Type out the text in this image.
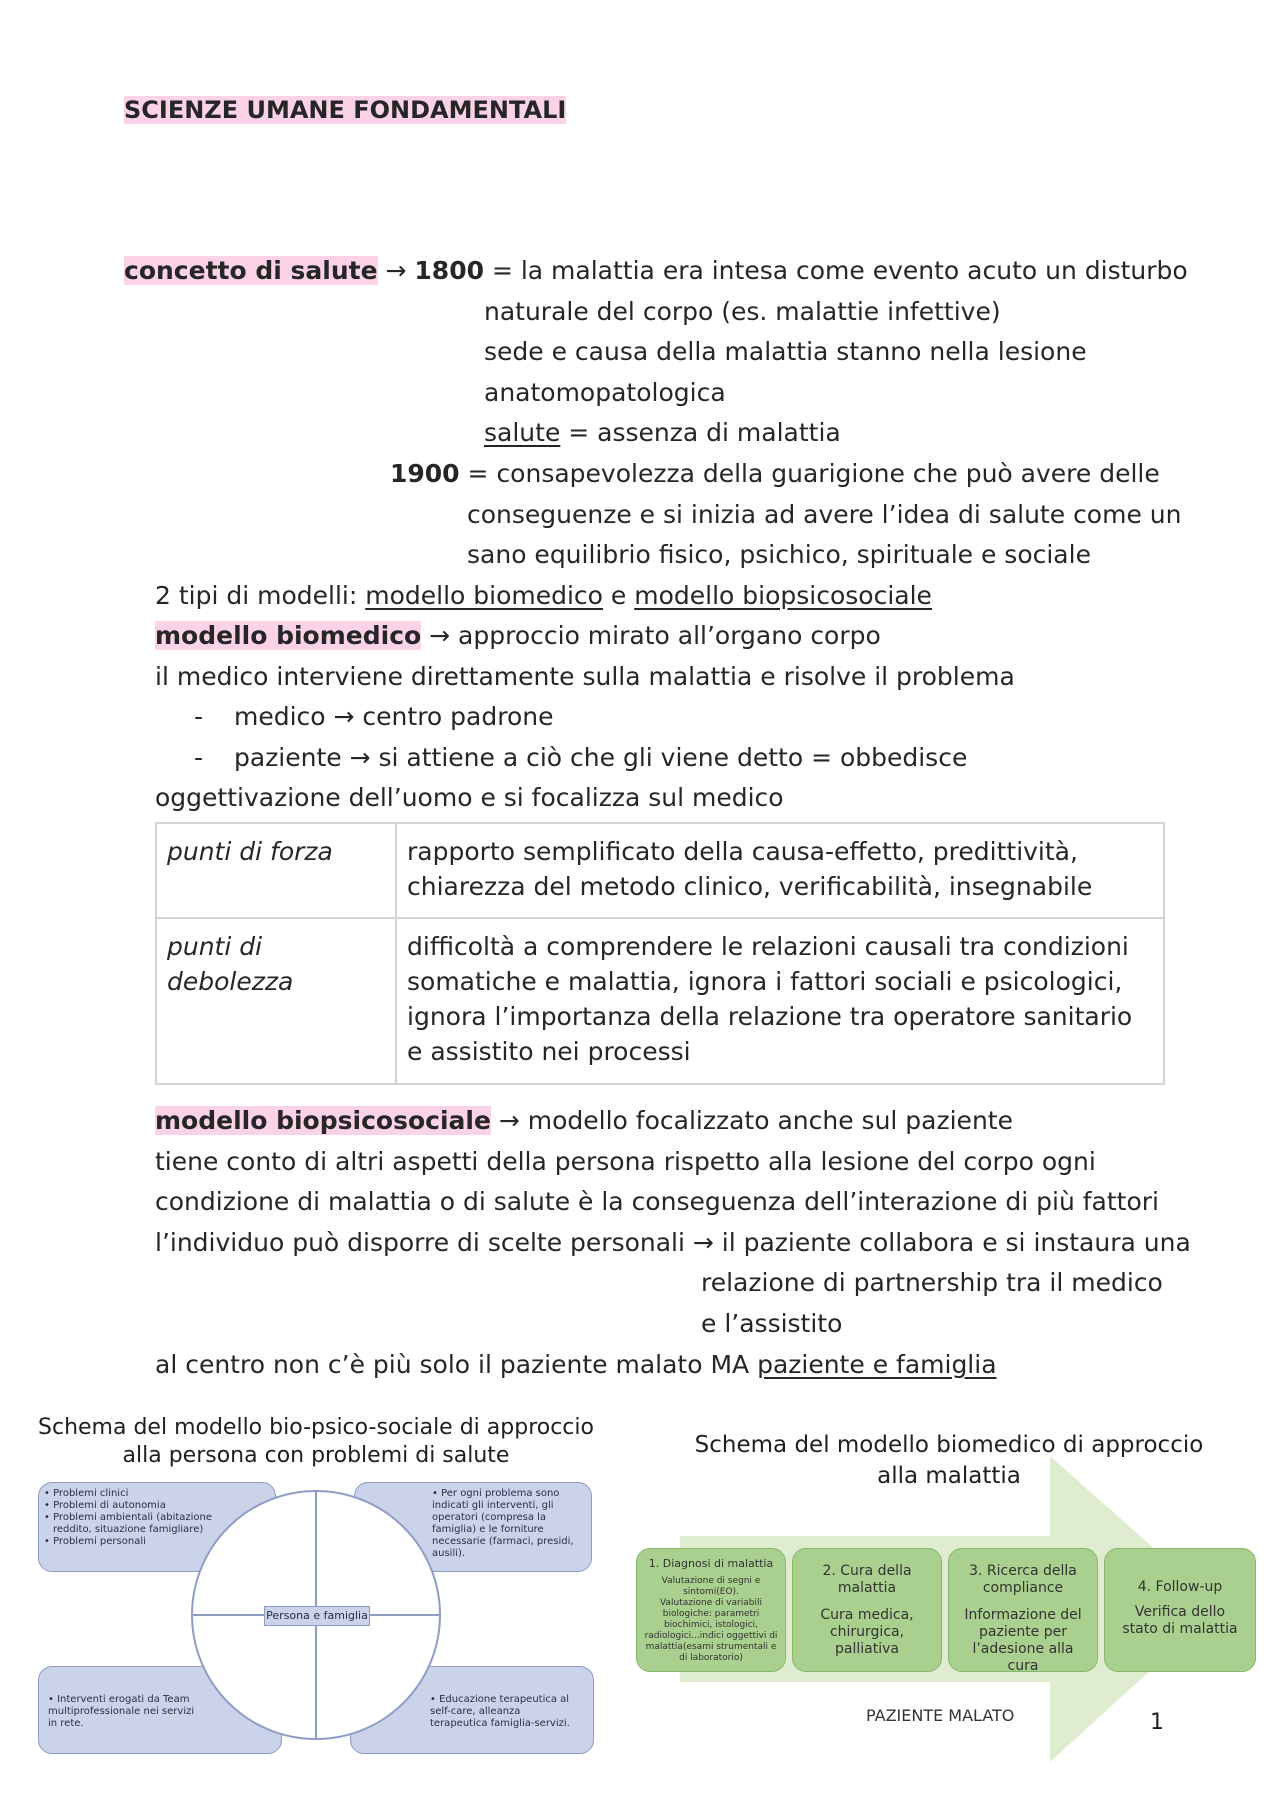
SCIENZE UMANE FONDAMENTALI
concetto di salute → 1800 = la malattia era intesa come evento acuto un disturbo
naturale del corpo (es. malattie infettive)
sede e causa della malattia stanno nella lesione
anatomopatologica
salute = assenza di malattia
1900 = consapevolezza della guarigione che può avere delle
conseguenze e si inizia ad avere l’idea di salute come un
sano equilibrio fisico, psichico, spirituale e sociale
2 tipi di modelli: modello biomedico e modello biopsicosociale
modello biomedico → approccio mirato all’organo corpo
il medico interviene direttamente sulla malattia e risolve il problema
- medico → centro padrone
- paziente → si attiene a ciò che gli viene detto = obbedisce
oggettivazione dell’uomo e si focalizza sul medico
punti di forza	rapporto semplificato della causa-effetto, predittività, chiarezza del metodo clinico, verificabilità, insegnabile
punti di debolezza	difficoltà a comprendere le relazioni causali tra condizioni somatiche e malattia, ignora i fattori sociali e psicologici, ignora l’importanza della relazione tra operatore sanitario e assistito nei processi
modello biopsicosociale → modello focalizzato anche sul paziente
tiene conto di altri aspetti della persona rispetto alla lesione del corpo ogni
condizione di malattia o di salute è la conseguenza dell’interazione di più fattori
l’individuo può disporre di scelte personali → il paziente collabora e si instaura una
relazione di partnership tra il medico
e l’assistito
al centro non c’è più solo il paziente malato MA paziente e famiglia
Schema del modello bio-psico-sociale di approccio
alla persona con problemi di salute
Persona e famiglia
• Problemi clinici
• Problemi di autonomia
• Problemi ambientali (abitazione
reddito, situazione famigliare)
• Problemi personali
• Per ogni problema sono
indicati gli interventi, gli
operatori (compresa la
famiglia) e le forniture
necessarie (farmaci, presidi,
ausili).
• Interventi erogati da Team
multiprofessionale nei servizi
in rete.
• Educazione terapeutica al
self-care, alleanza
terapeutica famiglia-servizi.
Schema del modello biomedico di approccio
alla malattia
1. Diagnosi di malattia
Valutazione di segni e
sintomi(EO).
Valutazione di variabili
biologiche: parametri
biochimici, istologici,
radiologici...indici oggettivi di
malattia(esami strumentali e
di laboratorio)
2. Cura della malattia
Cura medica, chirurgica, palliativa
3. Ricerca della compliance
Informazione del paziente per l’adesione alla cura
4. Follow-up
Verifica dello stato di malattia
PAZIENTE MALATO	1
